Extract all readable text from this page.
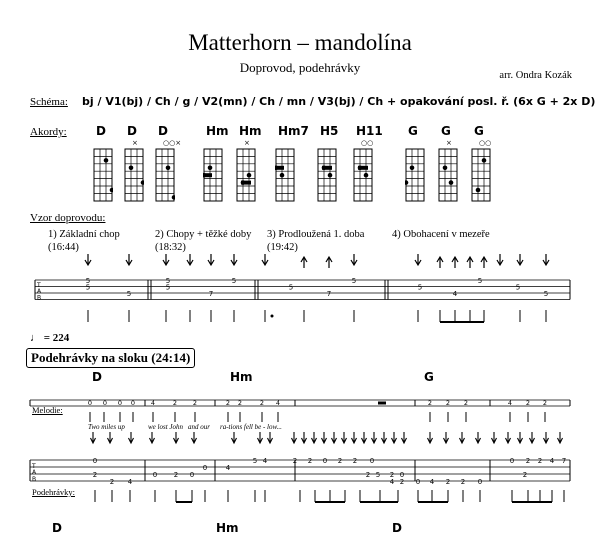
Matterhorn – mandolína
Doprovod, podehrávky
arr. Ondra Kozák
Schéma: bj / V1(bj) / Ch / g / V2(mn) / Ch / mn / V3(bj) / Ch + opakování posl. ř. (6x G + 2x D)
Akordy: D D
×
D
○○×
Hm Hm
×
Hm7 H5 H11
○○
G G
×
G
○○
Vzor doprovodu:
1) Základní chop
(16:44)
2) Chopy + těžké doby
(18:32)
3) Prodloužená 1. doba
(19:42)
4) Obohacení v mezeře
T
A
B
5
5
5
5
5
7
5
5
7
5
5
4
5
5
5
♩ = 224
Podehrávky na sloku (24:14)
D	Hm	G
0 0 0 0 4	2 2	2 2	2 4	2 2 2	4 2 2
T
A
B
0
2
2 4
0 2 0
0	4
5 4	2 2 0 2 2 0
2 5 2 0
4 2 0 4 2 2 0
0 2 2 4 7
2
Melodie:
Podehrávky:
Two miles up	we lost John and our ra-tions fell be - low...
D	Hm	D
